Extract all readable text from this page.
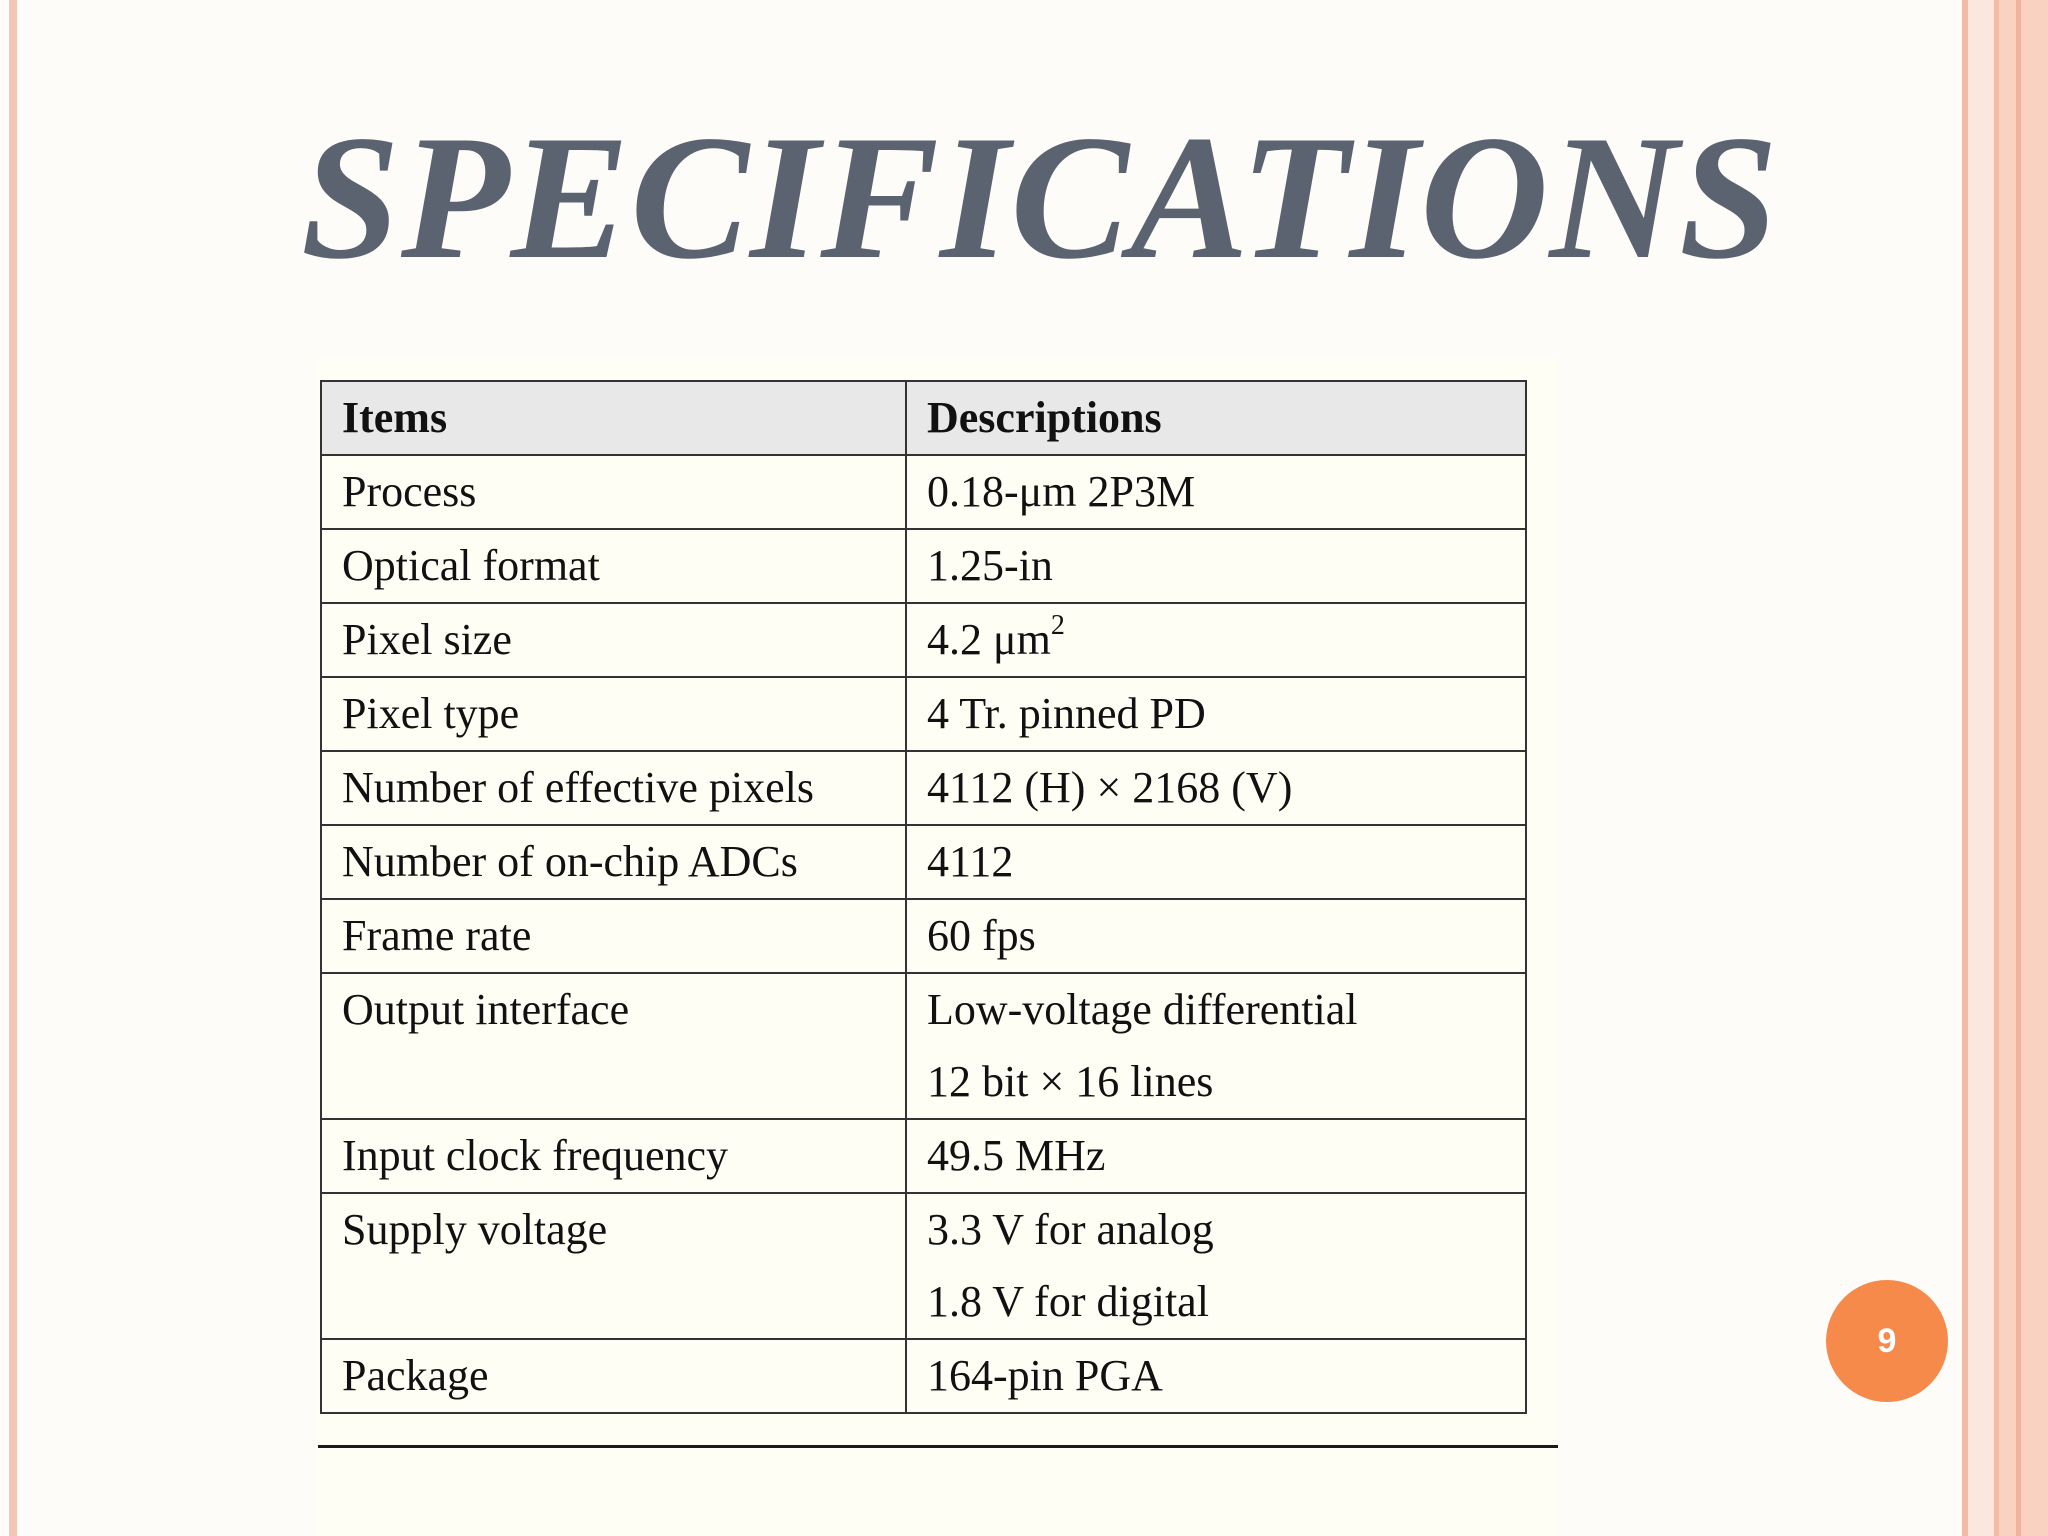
SPECIFICATIONS
Items	Descriptions
Process	0.18-μm 2P3M
Optical format	1.25-in
Pixel size	4.2 $\mu m^2$
Pixel type	4 Tr. pinned PD
Number of effective pixels	4112 (H) × 2168 (V)
Number of on-chip ADCs	4112
Frame rate	60 fps
Output interface	Low-voltage differential
12 bit × 16 lines

Input clock frequency	49.5 MHz
Supply voltage	3.3 V for analog
1.8 V for digital

Package	164-pin PGA
9
